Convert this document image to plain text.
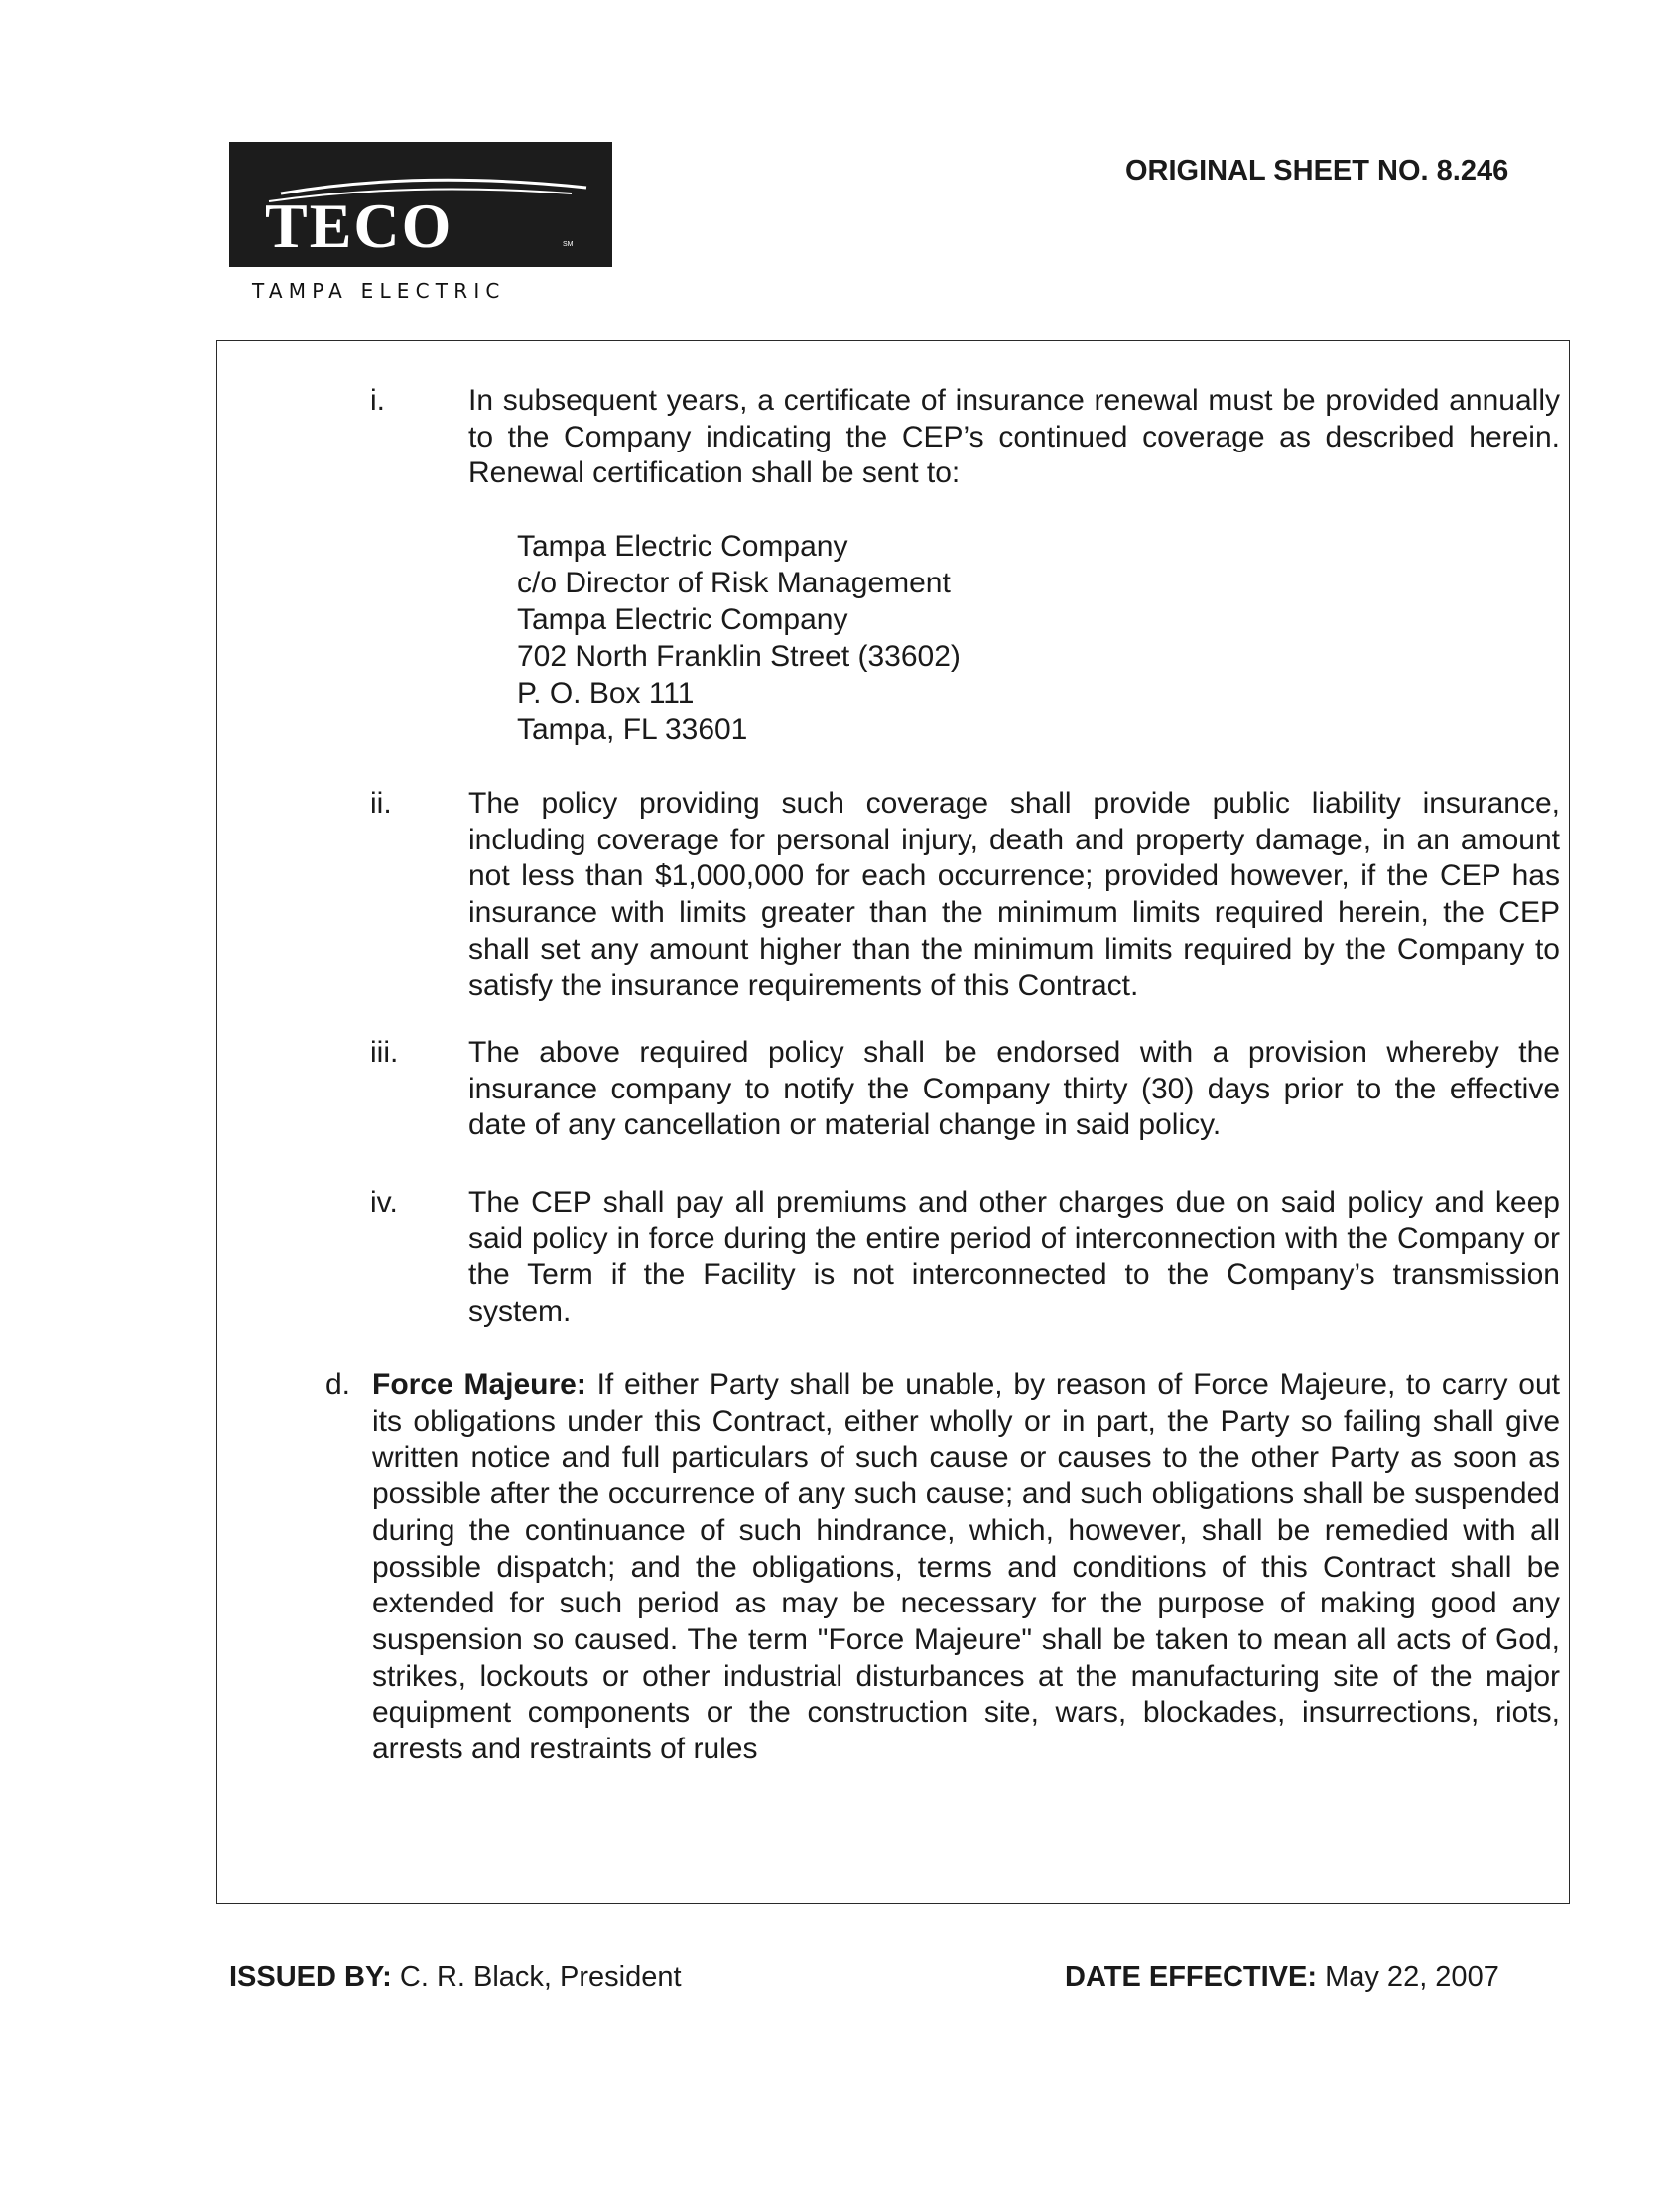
TECO	SM
TAMPA ELECTRIC
ORIGINAL SHEET NO. 8.246
i.	In subsequent years, a certificate of insurance renewal must be provided annually to the Company indicating the CEP’s continued coverage as described herein. Renewal certification shall be sent to:
Tampa Electric Company
c/o Director of Risk Management
Tampa Electric Company
702 North Franklin Street (33602)
P. O. Box 111
Tampa, FL 33601
ii.	The policy providing such coverage shall provide public liability insurance, including coverage for personal injury, death and property damage, in an amount not less than $1,000,000 for each occurrence; provided however, if the CEP has insurance with limits greater than the minimum limits required herein, the CEP shall set any amount higher than the minimum limits required by the Company to satisfy the insurance requirements of this Contract.
iii. The above required policy shall be endorsed with a provision whereby the insurance company to notify the Company thirty (30) days prior to the effective date of any cancellation or material change in said policy.
iv. The CEP shall pay all premiums and other charges due on said policy and keep said policy in force during the entire period of interconnection with the Company or the Term if the Facility is not interconnected to the Company’s transmission system.
d. Force Majeure: If either Party shall be unable, by reason of Force Majeure, to carry out its obligations under this Contract, either wholly or in part, the Party so failing shall give written notice and full particulars of such cause or causes to the other Party as soon as possible after the occurrence of any such cause; and such obligations shall be suspended during the continuance of such hindrance, which, however, shall be remedied with all possible dispatch; and the obligations, terms and conditions of this Contract shall be extended for such period as may be necessary for the purpose of making good any suspension so caused. The term "Force Majeure" shall be taken to mean all acts of God, strikes, lockouts or other industrial disturbances at the manufacturing site of the major equipment components or the construction site, wars, blockades, insurrections, riots, arrests and restraints of rules
ISSUED BY: C. R. Black, President	DATE EFFECTIVE: May 22, 2007
